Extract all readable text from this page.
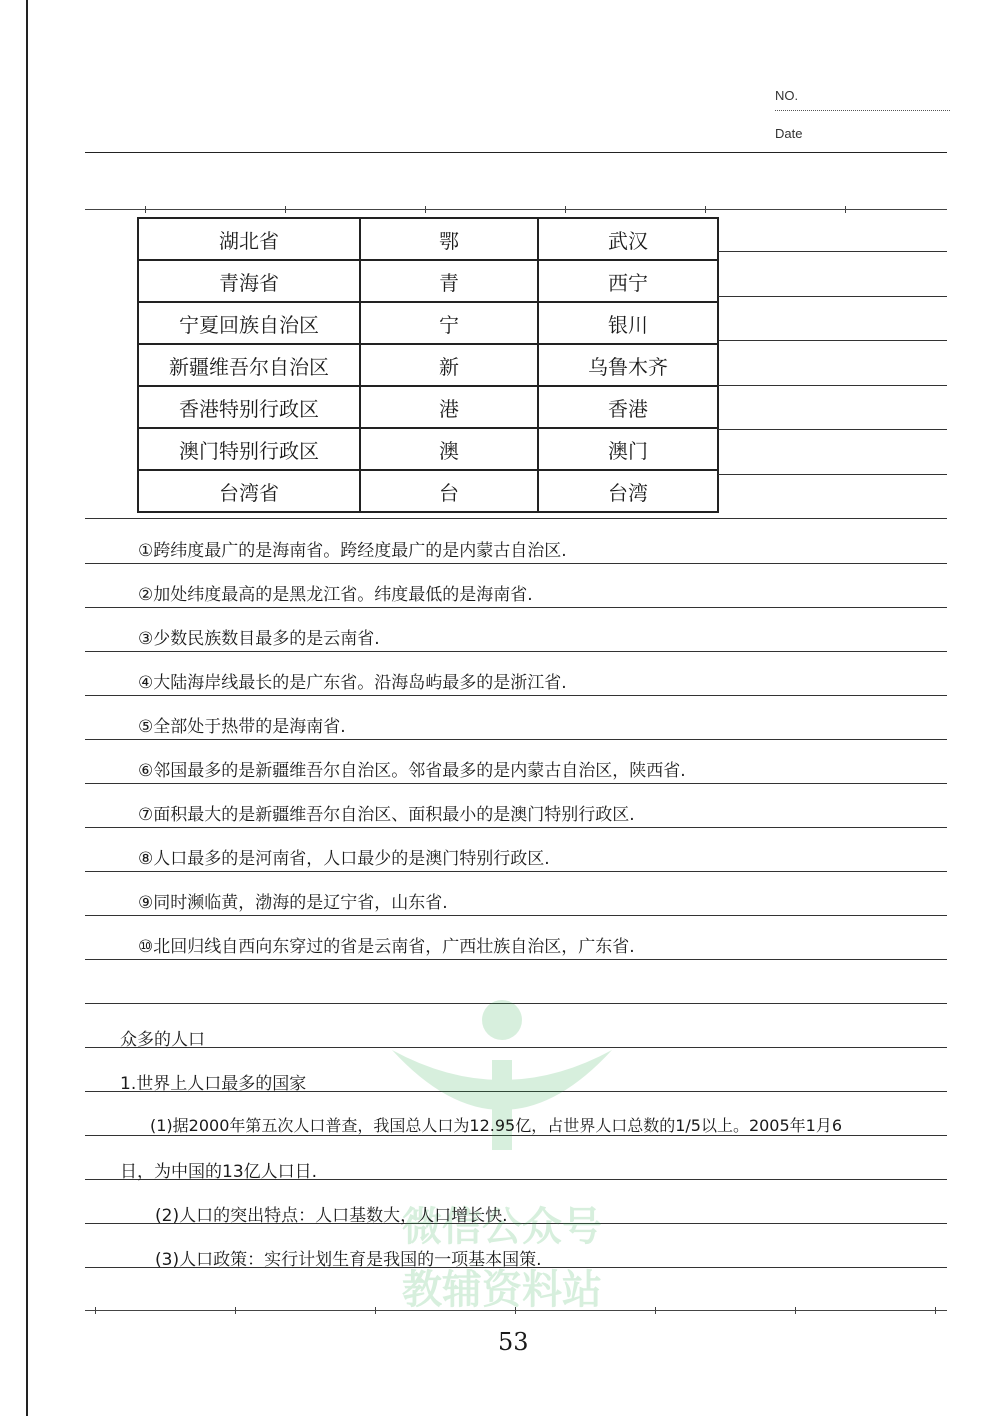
NO.
Date
湖北省	鄂	武汉
青海省	青	西宁
宁夏回族自治区	宁	银川
新疆维吾尔自治区	新	乌鲁木齐
香港特别行政区	港	香港
澳门特别行政区	澳	澳门
台湾省	台	台湾
①跨纬度最广的是海南省。跨经度最广的是内蒙古自治区.
②加处纬度最高的是黑龙江省。纬度最低的是海南省.
③少数民族数目最多的是云南省.
④大陆海岸线最长的是广东省。沿海岛屿最多的是浙江省.
⑤全部处于热带的是海南省.
⑥邻国最多的是新疆维吾尔自治区。邻省最多的是内蒙古自治区，陕西省.
⑦面积最大的是新疆维吾尔自治区、面积最小的是澳门特别行政区.
⑧人口最多的是河南省，人口最少的是澳门特别行政区.
⑨同时濒临黄，渤海的是辽宁省，山东省.
⑩北回归线自西向东穿过的省是云南省，广西壮族自治区，广东省.
微信公众号
教辅资料站
众多的人口
1.世界上人口最多的国家
(1)据2000年第五次人口普查，我国总人口为12.95亿，占世界人口总数的1/5以上。2005年1月6
日，为中国的13亿人口日.
(2)人口的突出特点：人口基数大，人口增长快.
(3)人口政策：实行计划生育是我国的一项基本国策.
53
